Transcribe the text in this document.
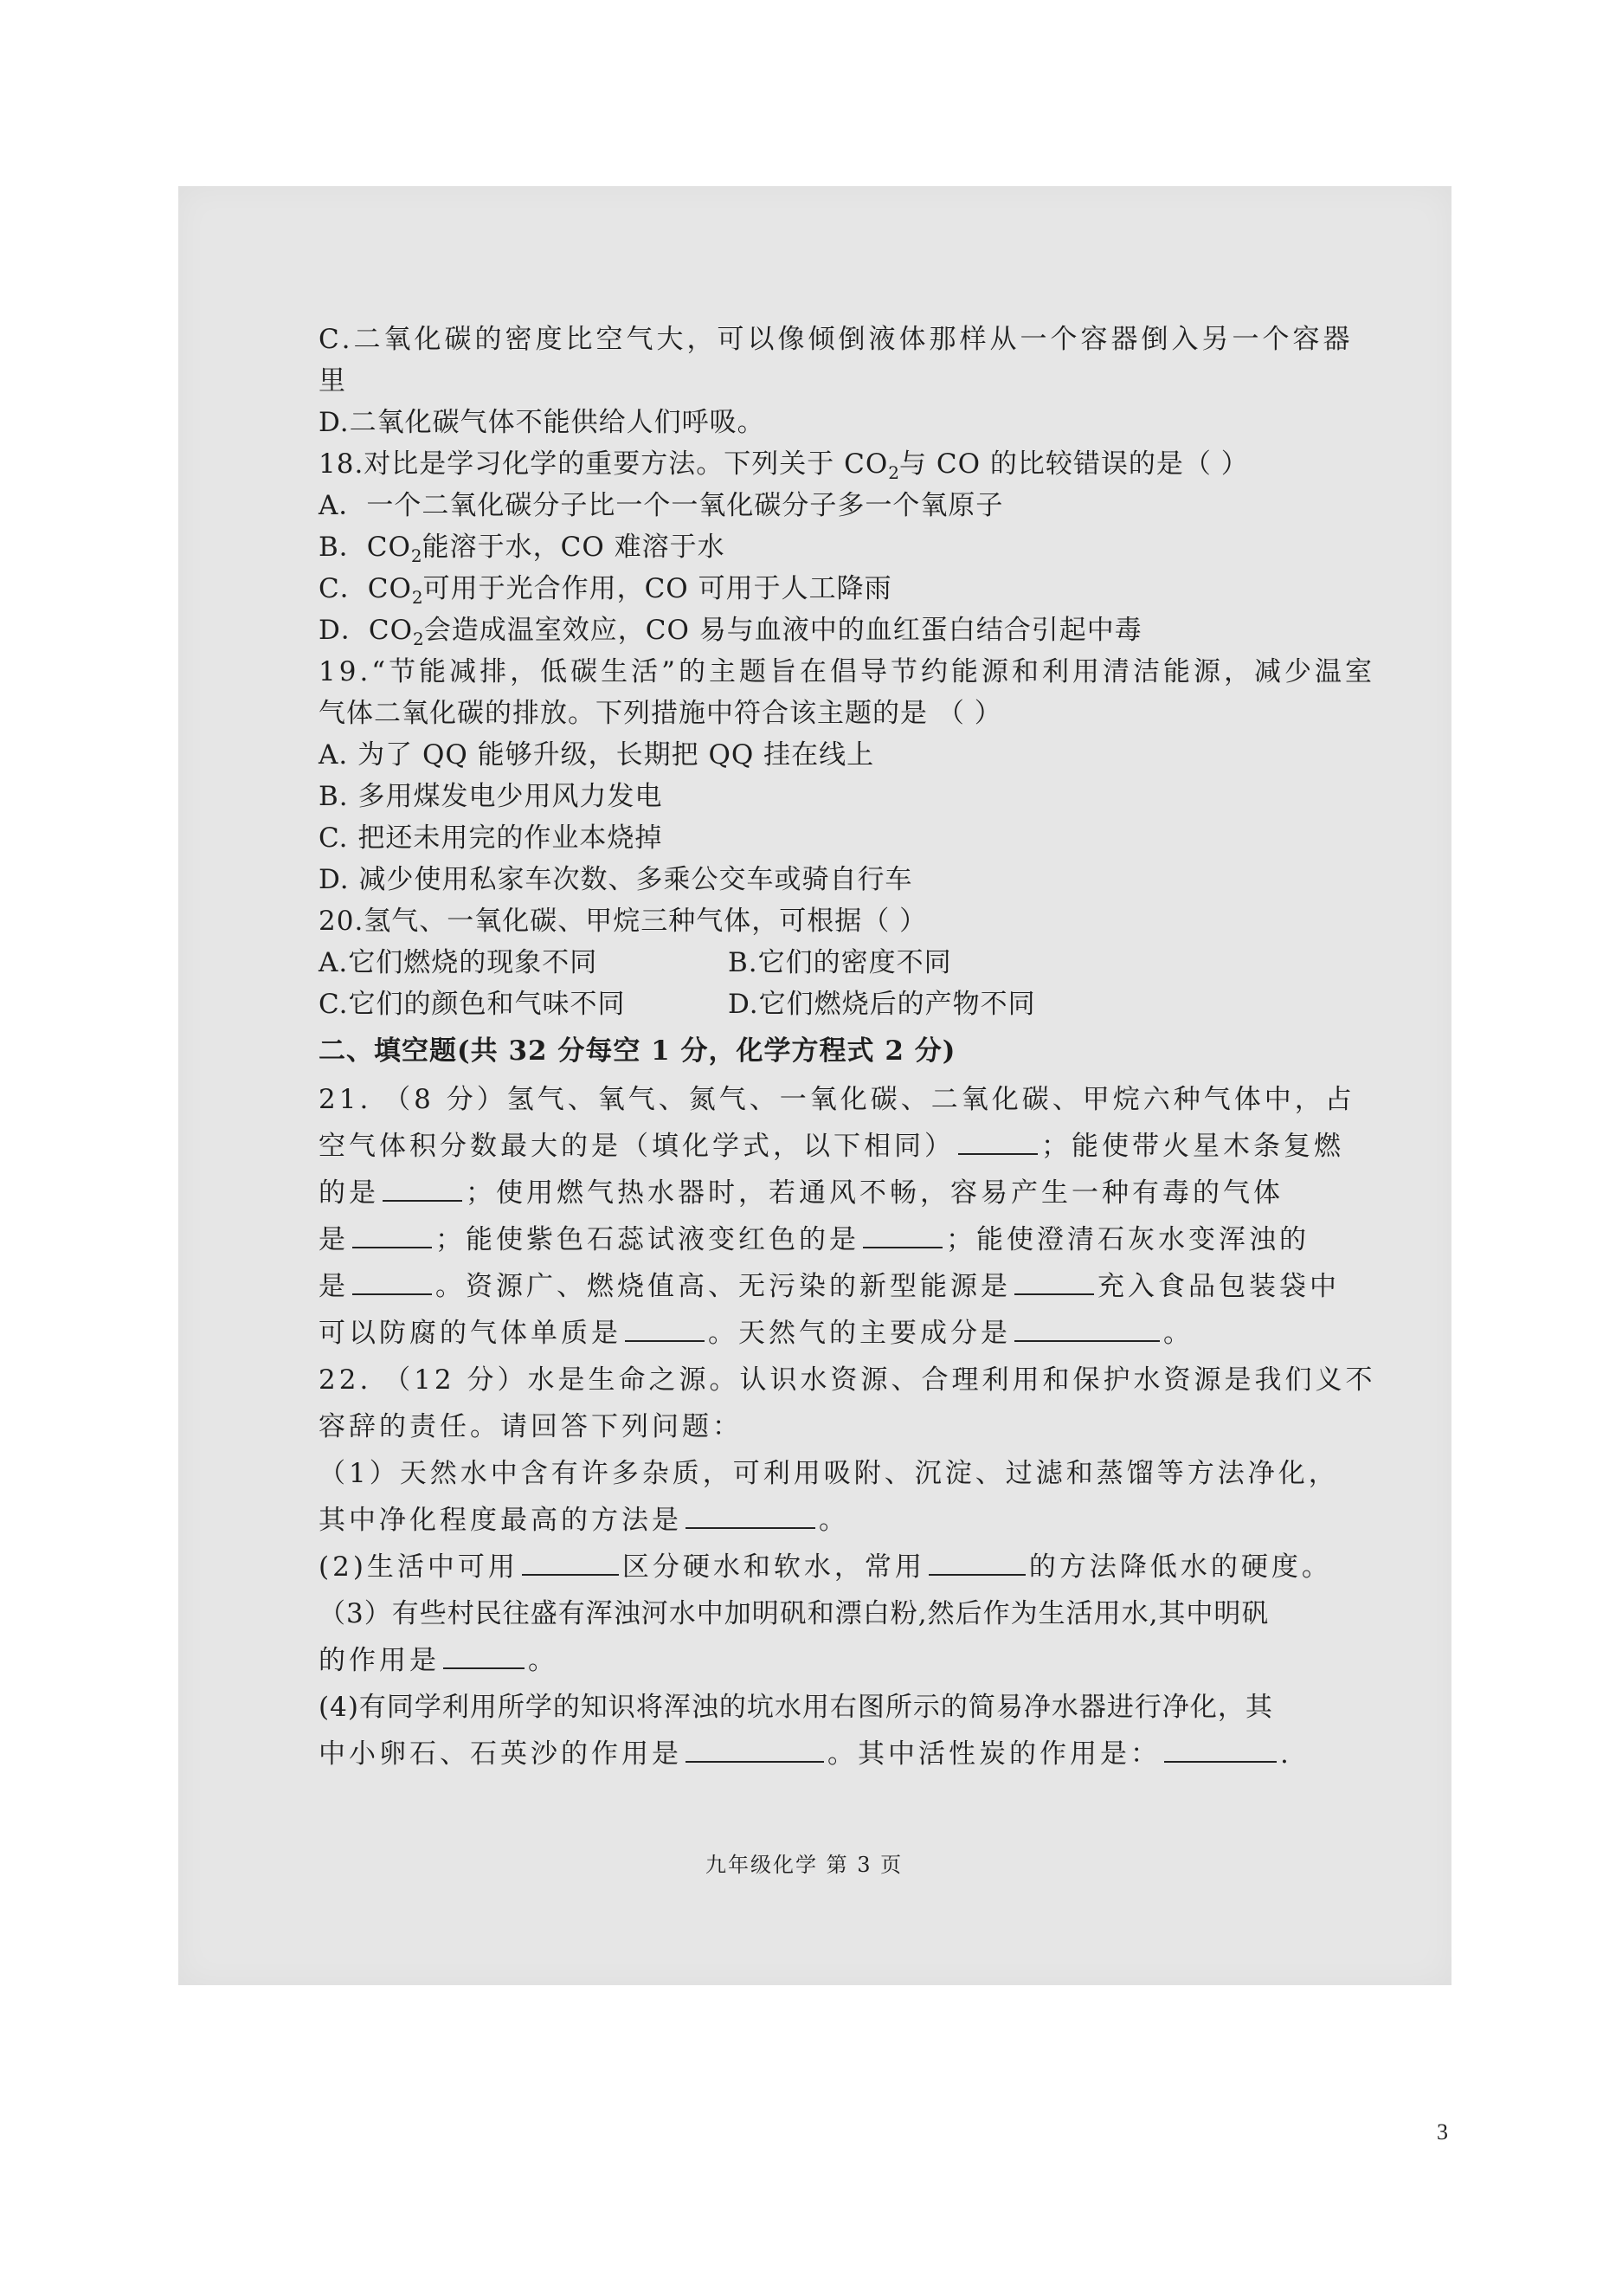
C.二氧化碳的密度比空气大，可以像倾倒液体那样从一个容器倒入另一个容器
里
D.二氧化碳气体不能供给人们呼吸。
18.对比是学习化学的重要方法。下列关于 $CO_2$与 CO 的比较错误的是（ ）
A．一个二氧化碳分子比一个一氧化碳分子多一个氧原子
B．$CO_2$能溶于水，CO 难溶于水
C．$CO_2$可用于光合作用，CO 可用于人工降雨
D．$CO_2$会造成温室效应，CO 易与血液中的血红蛋白结合引起中毒
19.“节能减排，低碳生活”的主题旨在倡导节约能源和利用清洁能源，减少温室
气体二氧化碳的排放。下列措施中符合该主题的是 （ ）
A. 为了 QQ 能够升级，长期把 QQ 挂在线上
B. 多用煤发电少用风力发电
C. 把还未用完的作业本烧掉
D. 减少使用私家车次数、多乘公交车或骑自行车
20.氢气、一氧化碳、甲烷三种气体，可根据（ ）
A.它们燃烧的现象不同	B.它们的密度不同
C.它们的颜色和气味不同	D.它们燃烧后的产物不同
二、填空题(共 32 分每空 1 分，化学方程式 2 分)
21. （8 分）氢气、氧气、氮气、一氧化碳、二氧化碳、甲烷六种气体中，占
空气体积分数最大的是（填化学式，以下相同）	；能使带火星木条复燃
的是	；使用燃气热水器时，若通风不畅，容易产生一种有毒的气体
是	；能使紫色石蕊试液变红色的是	；能使澄清石灰水变浑浊的
是	。资源广、燃烧值高、无污染的新型能源是	充入食品包装袋中
可以防腐的气体单质是	。天然气的主要成分是	。
22. （12 分）水是生命之源。认识水资源、合理利用和保护水资源是我们义不
容辞的责任。请回答下列问题：
（1）天然水中含有许多杂质，可利用吸附、沉淀、过滤和蒸馏等方法净化，
其中净化程度最高的方法是	。
(2)生活中可用	区分硬水和软水，常用	的方法降低水的硬度。
（3）有些村民往盛有浑浊河水中加明矾和漂白粉,然后作为生活用水,其中明矾
的作用是	。
(4)有同学利用所学的知识将浑浊的坑水用右图所示的简易净水器进行净化，其
中小卵石、石英沙的作用是	。其中活性炭的作用是：	.
九年级化学 第 3 页
3
